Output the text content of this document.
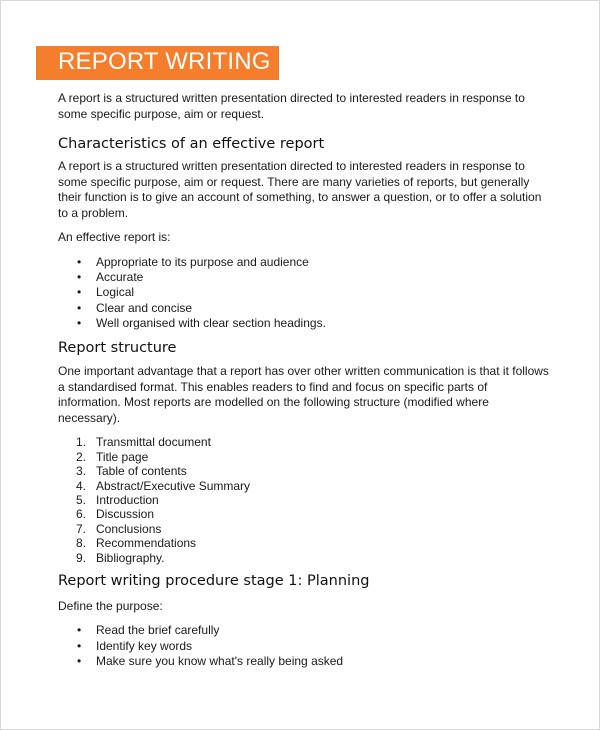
REPORT WRITING

A report is a structured written presentation directed to interested readers in response to some specific purpose, aim or request.

Characteristics of an effective report

A report is a structured written presentation directed to interested readers in response to some specific purpose, aim or request. There are many varieties of reports, but generally their function is to give an account of something, to answer a question, or to offer a solution to a problem.

An effective report is:

• Appropriate to its purpose and audience
• Accurate
• Logical
• Clear and concise
• Well organised with clear section headings.
Report structure

One important advantage that a report has over other written communication is that it follows a standardised format. This enables readers to find and focus on specific parts of information. Most reports are modelled on the following structure (modified where necessary).

1. Transmittal document
2. Title page
3. Table of contents
4. Abstract/Executive Summary
5. Introduction
6. Discussion
7. Conclusions
8. Recommendations
9. Bibliography.
Report writing procedure stage 1: Planning

Define the purpose:

• Read the brief carefully
• Identify key words
• Make sure you know what's really being asked
